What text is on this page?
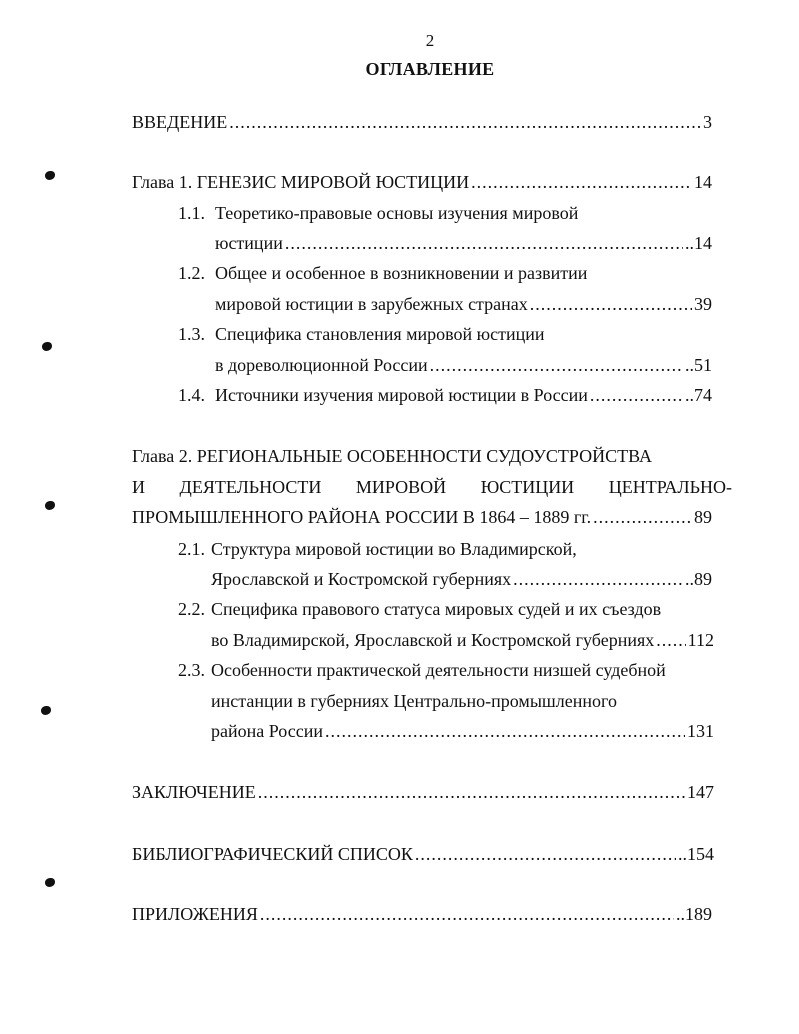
2
ОГЛАВЛЕНИЕ
ВВЕДЕНИЕ .....	3
Глава 1. ГЕНЕЗИС МИРОВОЙ ЮСТИЦИИ .....	14
1.1. Теоретико-правовые основы изучения мировой
юстиции .....	..14
1.2. Общее и особенное в возникновении и развитии
мировой юстиции в зарубежных странах .....	39
1.3. Специфика становления мировой юстиции
в дореволюционной России .....	..51
1.4. Источники изучения мировой юстиции в России .....	..74
Глава 2. РЕГИОНАЛЬНЫЕ ОСОБЕННОСТИ СУДОУСТРОЙСТВА
И ДЕЯТЕЛЬНОСТИ МИРОВОЙ ЮСТИЦИИ ЦЕНТРАЛЬНО-
ПРОМЫШЛЕННОГО РАЙОНА РОССИИ В 1864 – 1889 гг. .....	89
2.1. Структура мировой юстиции во Владимирской,
Ярославской и Костромской губерниях .....	..89
2.2. Специфика правового статуса мировых судей и их съездов
во Владимирской, Ярославской и Костромской губерниях ..... 112
2.3. Особенности практической деятельности низшей судебной
инстанции в губерниях Центрально-промышленного
района России .....	131
ЗАКЛЮЧЕНИЕ .....	147
БИБЛИОГРАФИЧЕСКИЙ СПИСОК .....	..154
ПРИЛОЖЕНИЯ .....	..189
